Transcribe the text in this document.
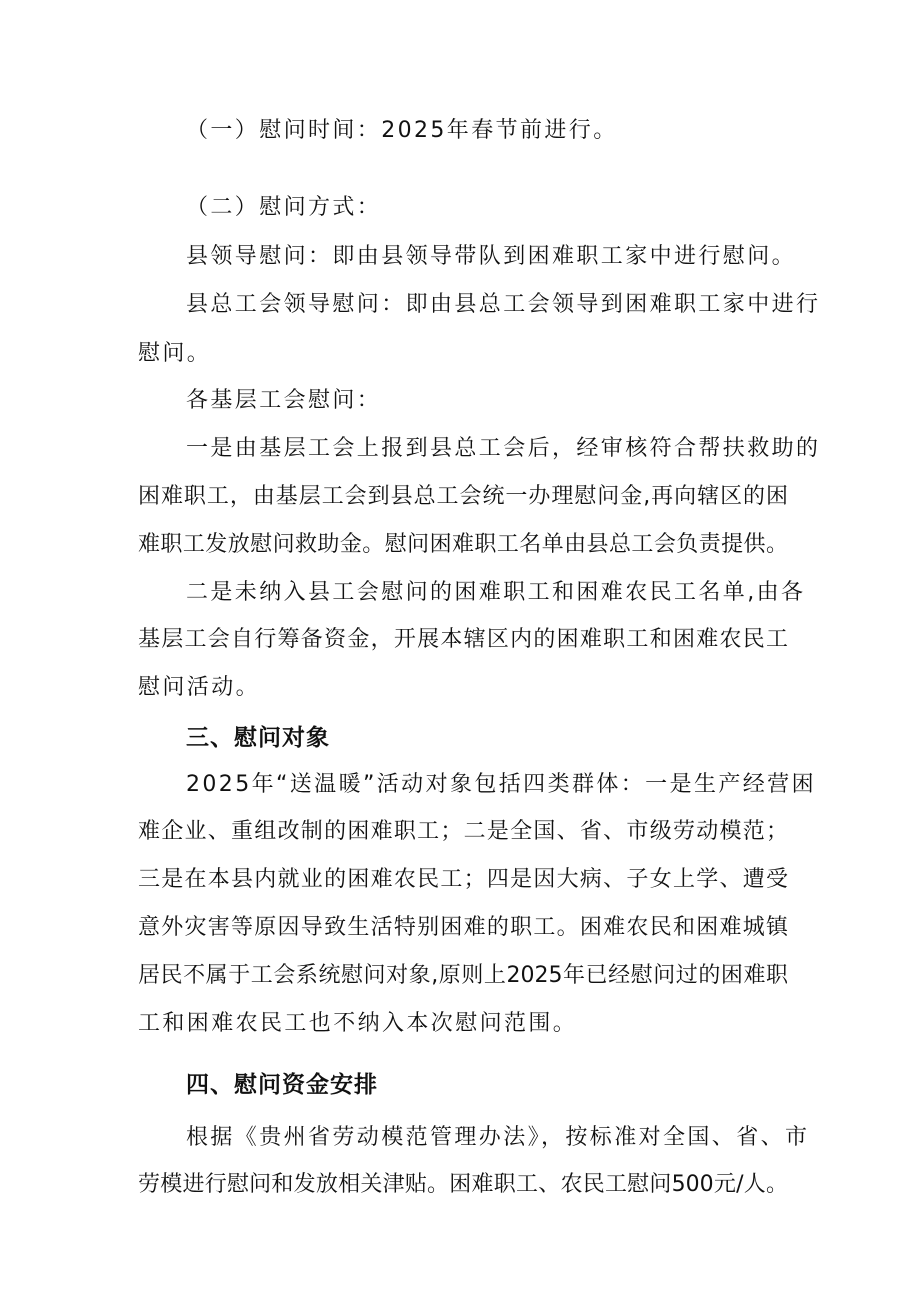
（一）慰问时间：2025年春节前进行。
（二）慰问方式：
县领导慰问：即由县领导带队到困难职工家中进行慰问。
县总工会领导慰问：即由县总工会领导到困难职工家中进行
慰问。
各基层工会慰问：
一是由基层工会上报到县总工会后，经审核符合帮扶救助的
困难职工，由基层工会到县总工会统一办理慰问金,再向辖区的困
难职工发放慰问救助金。慰问困难职工名单由县总工会负责提供。
二是未纳入县工会慰问的困难职工和困难农民工名单,由各
基层工会自行筹备资金，开展本辖区内的困难职工和困难农民工
慰问活动。
三、慰问对象
2025年“送温暖”活动对象包括四类群体：一是生产经营困
难企业、重组改制的困难职工；二是全国、省、市级劳动模范；
三是在本县内就业的困难农民工；四是因大病、子女上学、遭受
意外灾害等原因导致生活特别困难的职工。困难农民和困难城镇
居民不属于工会系统慰问对象,原则上2025年已经慰问过的困难职
工和困难农民工也不纳入本次慰问范围。
四、慰问资金安排
根据《贵州省劳动模范管理办法》，按标准对全国、省、市
劳模进行慰问和发放相关津贴。困难职工、农民工慰问500元/人。
